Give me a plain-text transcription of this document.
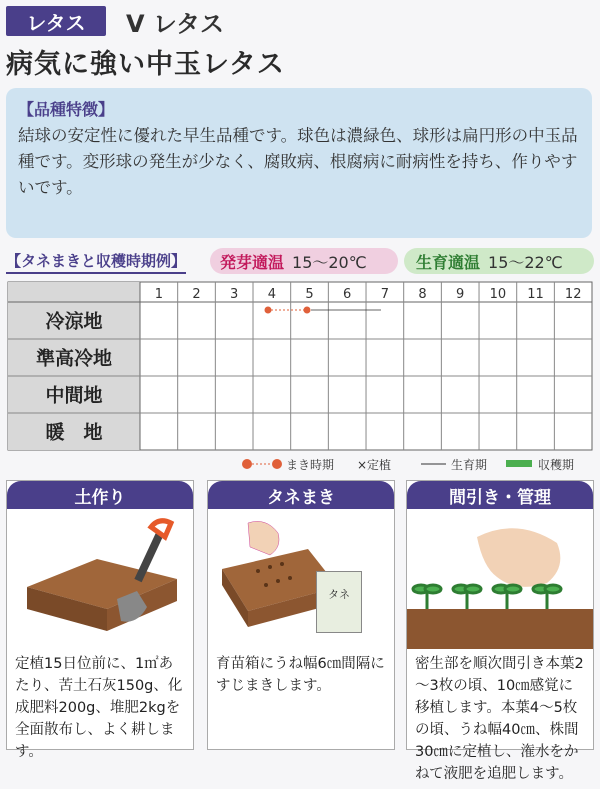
レタス	V レタス
病気に強い中玉レタス
【品種特徴】
結球の安定性に優れた早生品種です。球色は濃緑色、球形は扁円形の中玉品種です。変形球の発生が少なく、腐敗病、根腐病に耐病性を持ち、作りやすいです。
【タネまきと収穫時期例】 発芽適温 15～20℃	生育適温 15～22℃
1 2 3 4 5 6 7 8 9 10 11 12
冷涼地
準高冷地
中間地
暖　地
まき時期 ×定植	生育期	収穫期
土作り
定植15日位前に、1㎡あたり、苦土石灰150g、化成肥料200g、堆肥2kgを全面散布し、よく耕します。
タネまき
タネ
育苗箱にうね幅6㎝間隔にすじまきします。
間引き・管理
密生部を順次間引き本葉2～3枚の頃、10㎝感覚に移植します。本葉4～5枚の頃、うね幅40㎝、株間30㎝に定植し、潅水をかねて液肥を追肥します。
